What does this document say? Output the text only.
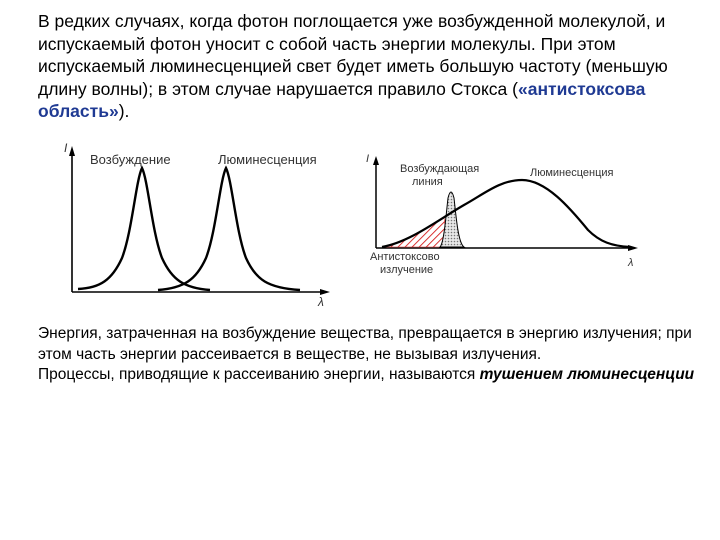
В редких случаях, когда фотон поглощается уже возбужденной молекулой, и испускаемый фотон уносит с собой часть энергии молекулы. При этом испускаемый люминесценцией свет будет иметь большую частоту (меньшую длину волны); в этом случае нарушается правило Стокса («антистоксова область»).

I
λ
Возбуждение	Люминесценция	I
λ
Возбуждающая
линия
Люминесценция
Антистоксово
излучение
Энергия, затраченная на возбуждение вещества, превращается в энергию излучения; при этом часть энергии рассеивается в веществе, не вызывая излучения.
Процессы, приводящие к рассеиванию энергии, называются тушением люминесценции
